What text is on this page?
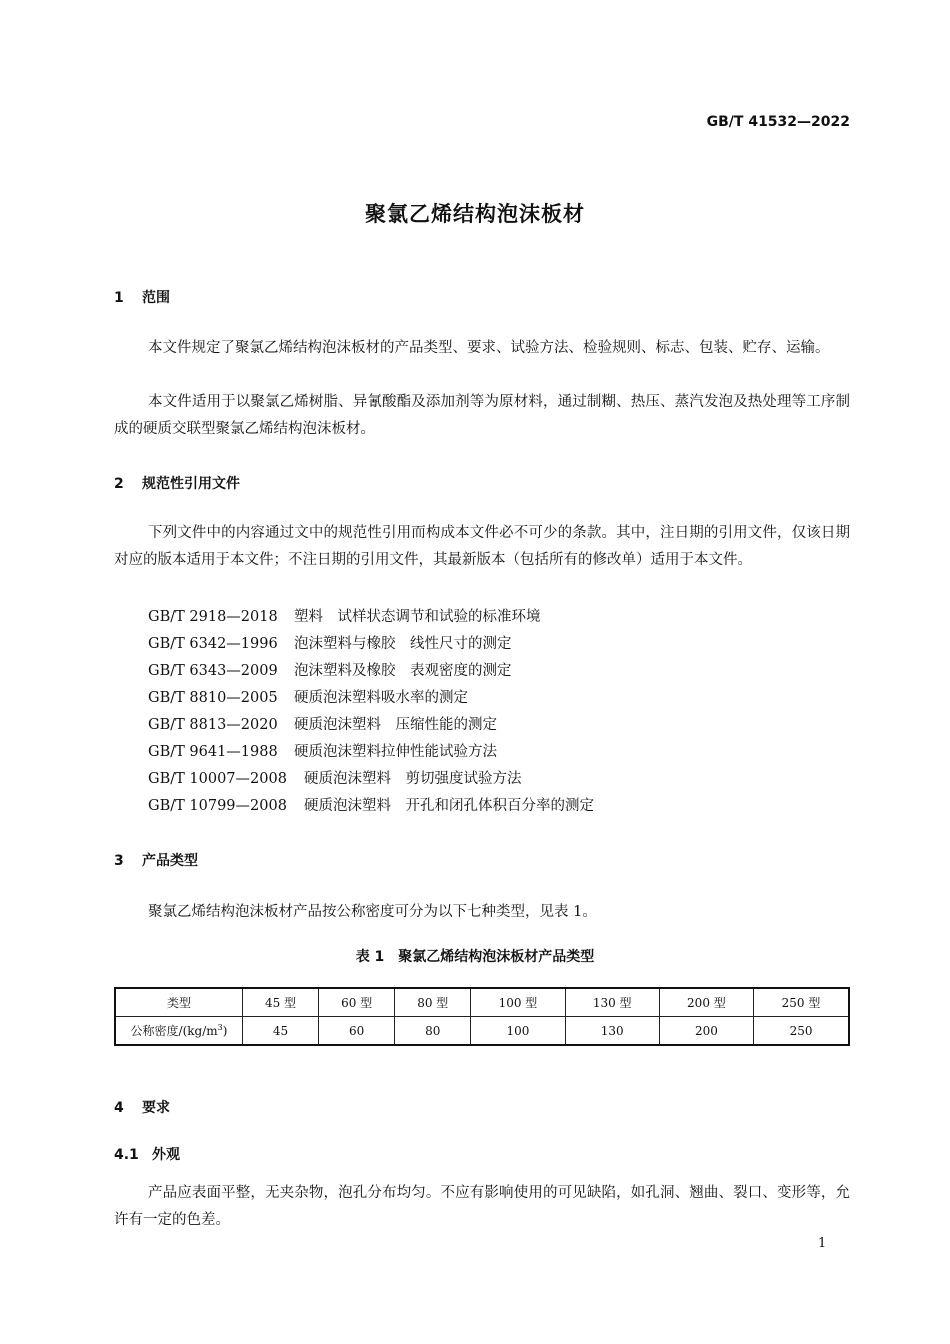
GB/T 41532—2022
聚氯乙烯结构泡沫板材
1 范围
本文件规定了聚氯乙烯结构泡沫板材的产品类型、要求、试验方法、检验规则、标志、包装、贮存、运输。
本文件适用于以聚氯乙烯树脂、异氰酸酯及添加剂等为原材料，通过制糊、热压、蒸汽发泡及热处理等工序制成的硬质交联型聚氯乙烯结构泡沫板材。
2 规范性引用文件
下列文件中的内容通过文中的规范性引用而构成本文件必不可少的条款。其中，注日期的引用文件，仅该日期对应的版本适用于本文件；不注日期的引用文件，其最新版本（包括所有的修改单）适用于本文件。
GB/T 2918—2018 塑料　试样状态调节和试验的标准环境
GB/T 6342—1996 泡沫塑料与橡胶　线性尺寸的测定
GB/T 6343—2009 泡沫塑料及橡胶　表观密度的测定
GB/T 8810—2005 硬质泡沫塑料吸水率的测定
GB/T 8813—2020 硬质泡沫塑料　压缩性能的测定
GB/T 9641—1988 硬质泡沫塑料拉伸性能试验方法
GB/T 10007—2008 硬质泡沫塑料　剪切强度试验方法
GB/T 10799—2008 硬质泡沫塑料　开孔和闭孔体积百分率的测定
3 产品类型
聚氯乙烯结构泡沫板材产品按公称密度可分为以下七种类型，见表 1。
表 1　聚氯乙烯结构泡沫板材产品类型
类型	45 型	60 型	80 型	100 型	130 型	200 型	250 型
公称密度$/(kg/m^3)$	45	60	80	100	130	200	250
4 要求
4.1 外观
产品应表面平整，无夹杂物，泡孔分布均匀。不应有影响使用的可见缺陷，如孔洞、翘曲、裂口、变形等，允许有一定的色差。
1
